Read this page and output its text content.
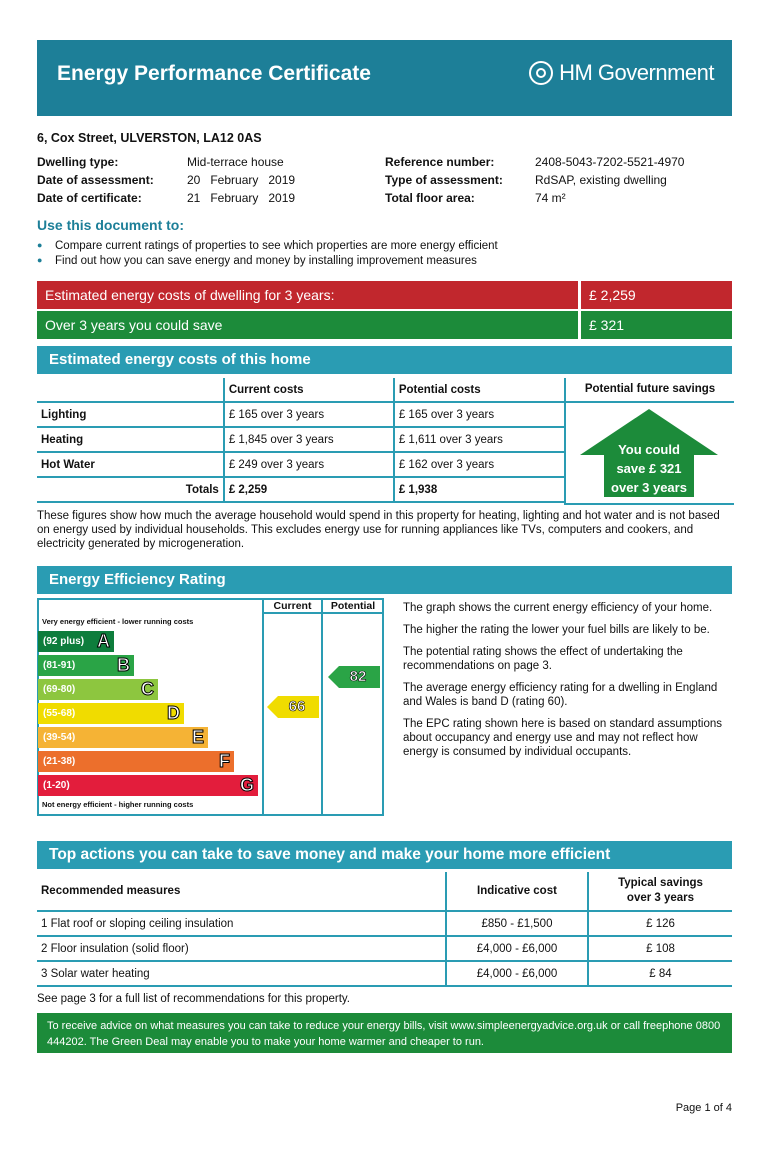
Energy Performance Certificate	HM Government
6, Cox Street, ULVERSTON, LA12 0AS
Dwelling type:	Mid-terrace house
Date of assessment:	20   February   2019
Date of certificate:	21   February   2019
Reference number:	2408-5043-7202-5521-4970
Type of assessment:	RdSAP, existing dwelling
Total floor area:	74 m²
Use this document to:
● Compare current ratings of properties to see which properties are more energy efficient
● Find out how you can save energy and money by installing improvement measures
Estimated energy costs of dwelling for 3 years:	£ 2,259
Over 3 years you could save	£ 321
Estimated energy costs of this home
	Current costs	Potential costs
Lighting	£ 165 over 3 years	£ 165 over 3 years
Heating	£ 1,845 over 3 years	£ 1,611 over 3 years
Hot Water	£ 249 over 3 years	£ 162 over 3 years
Totals	£ 2,259	£ 1,938
Potential future savings
You could
save £ 321
over 3 years
These figures show how much the average household would spend in this property for heating, lighting and hot water and is not based on energy used by individual households. This excludes energy use for running appliances like TVs, computers and cookers, and electricity generated by microgeneration.
Energy Efficiency Rating
Current	Potential
Very energy efficient - lower running costs
(92 plus) A
(81-91) B
(69-80)	C
(55-68)	D
(39-54)	E
(21-38)	F
(1-20)	G
Not energy efficient - higher running costs
66
82
The graph shows the current energy efficiency of your home.
The higher the rating the lower your fuel bills are likely to be.
The potential rating shows the effect of undertaking the recommendations on page 3.
The average energy efficiency rating for a dwelling in England and Wales is band D (rating 60).
The EPC rating shown here is based on standard assumptions about occupancy and energy use and may not reflect how energy is consumed by individual occupants.
Top actions you can take to save money and make your home more efficient
Recommended measures	Indicative cost	Typical savings
over 3 years

1 Flat roof or sloping ceiling insulation	£850 - £1,500	£ 126
2 Floor insulation (solid floor)	£4,000 - £6,000	£ 108
3 Solar water heating	£4,000 - £6,000	£ 84
See page 3 for a full list of recommendations for this property.
To receive advice on what measures you can take to reduce your energy bills, visit www.simpleenergyadvice.org.uk or call freephone 0800 444202. The Green Deal may enable you to make your home warmer and cheaper to run.
Page 1 of 4
